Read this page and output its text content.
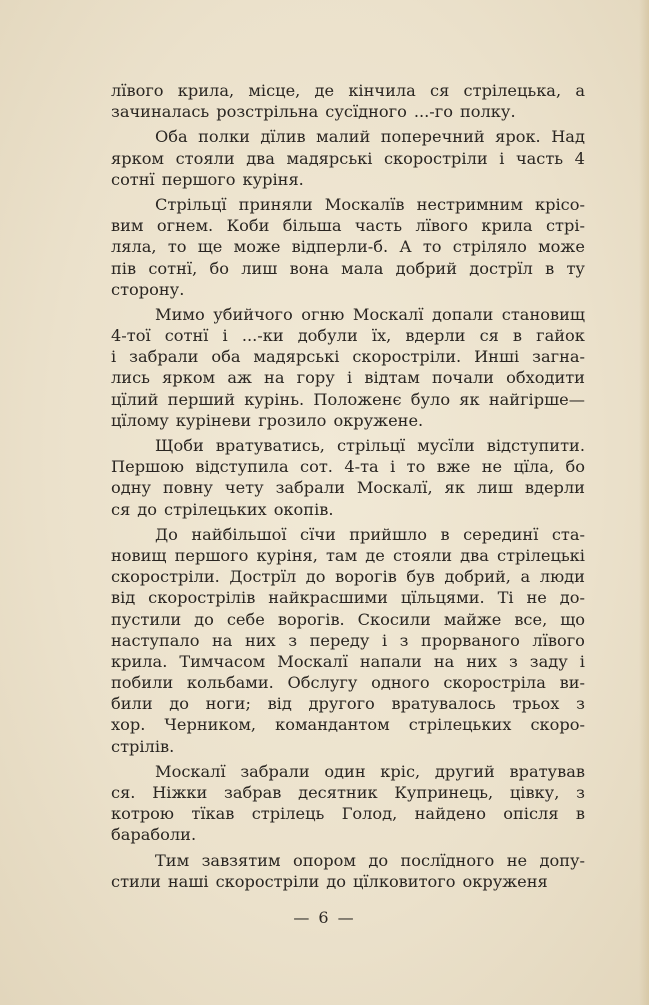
лївого крила, місце, де кінчила ся стрілецька, а
зачиналась розстрільна сусїдного ...-го полку.
Оба полки дїлив малий поперечний ярок. Над
ярком стояли два мадярські скоростріли і часть 4
сотнї першого куріня.
Стрільцї приняли Москалїв нестримним крісо-
вим огнем. Коби більша часть лївого крила стрі-
ляла, то ще може відперли-б. А то стріляло може
пів сотнї, бо лиш вона мала добрий дострїл в ту
сторону.
Мимо убийчого огню Москалї допали становищ
4-тої сотнї і ...-ки добули їх, вдерли ся в гайок
і забрали оба мадярські скоростріли. Инші загна-
лись ярком аж на гору і відтам почали обходити
цїлий перший курінь. Положенє було як найгірше—
цїлому куріневи грозило окружене.
Щоби вратуватись, стрільцї мусїли відступити.
Першою відступила сот. 4-та і то вже не цїла, бо
одну повну чету забрали Москалї, як лиш вдерли
ся до стрілецьких окопів.
До найбільшої сїчи прийшло в серединї ста-
новищ першого куріня, там де стояли два стрілецькі
скоростріли. Дострїл до ворогів був добрий, а люди
від скорострілів найкрасшими цїльцями. Ті не до-
пустили до себе ворогів. Скосили майже все, що
наступало на них з переду і з прорваного лївого
крила. Тимчасом Москалї напали на них з заду і
побили кольбами. Обслугу одного скоростріла ви-
били до ноги; від другого вратувалось трьох з
хор. Черником, командантом стрілецьких скоро-
стрілів.
Москалї забрали один кріс, другий вратував
ся. Ніжки забрав десятник Купринець, цівку, з
котрою тїкав стрілець Голод, найдено опісля в
бараболи.
Тим завзятим опором до послїдного не допу-
стили наші скоростріли до цїлковитого окруженя
— 6 —
